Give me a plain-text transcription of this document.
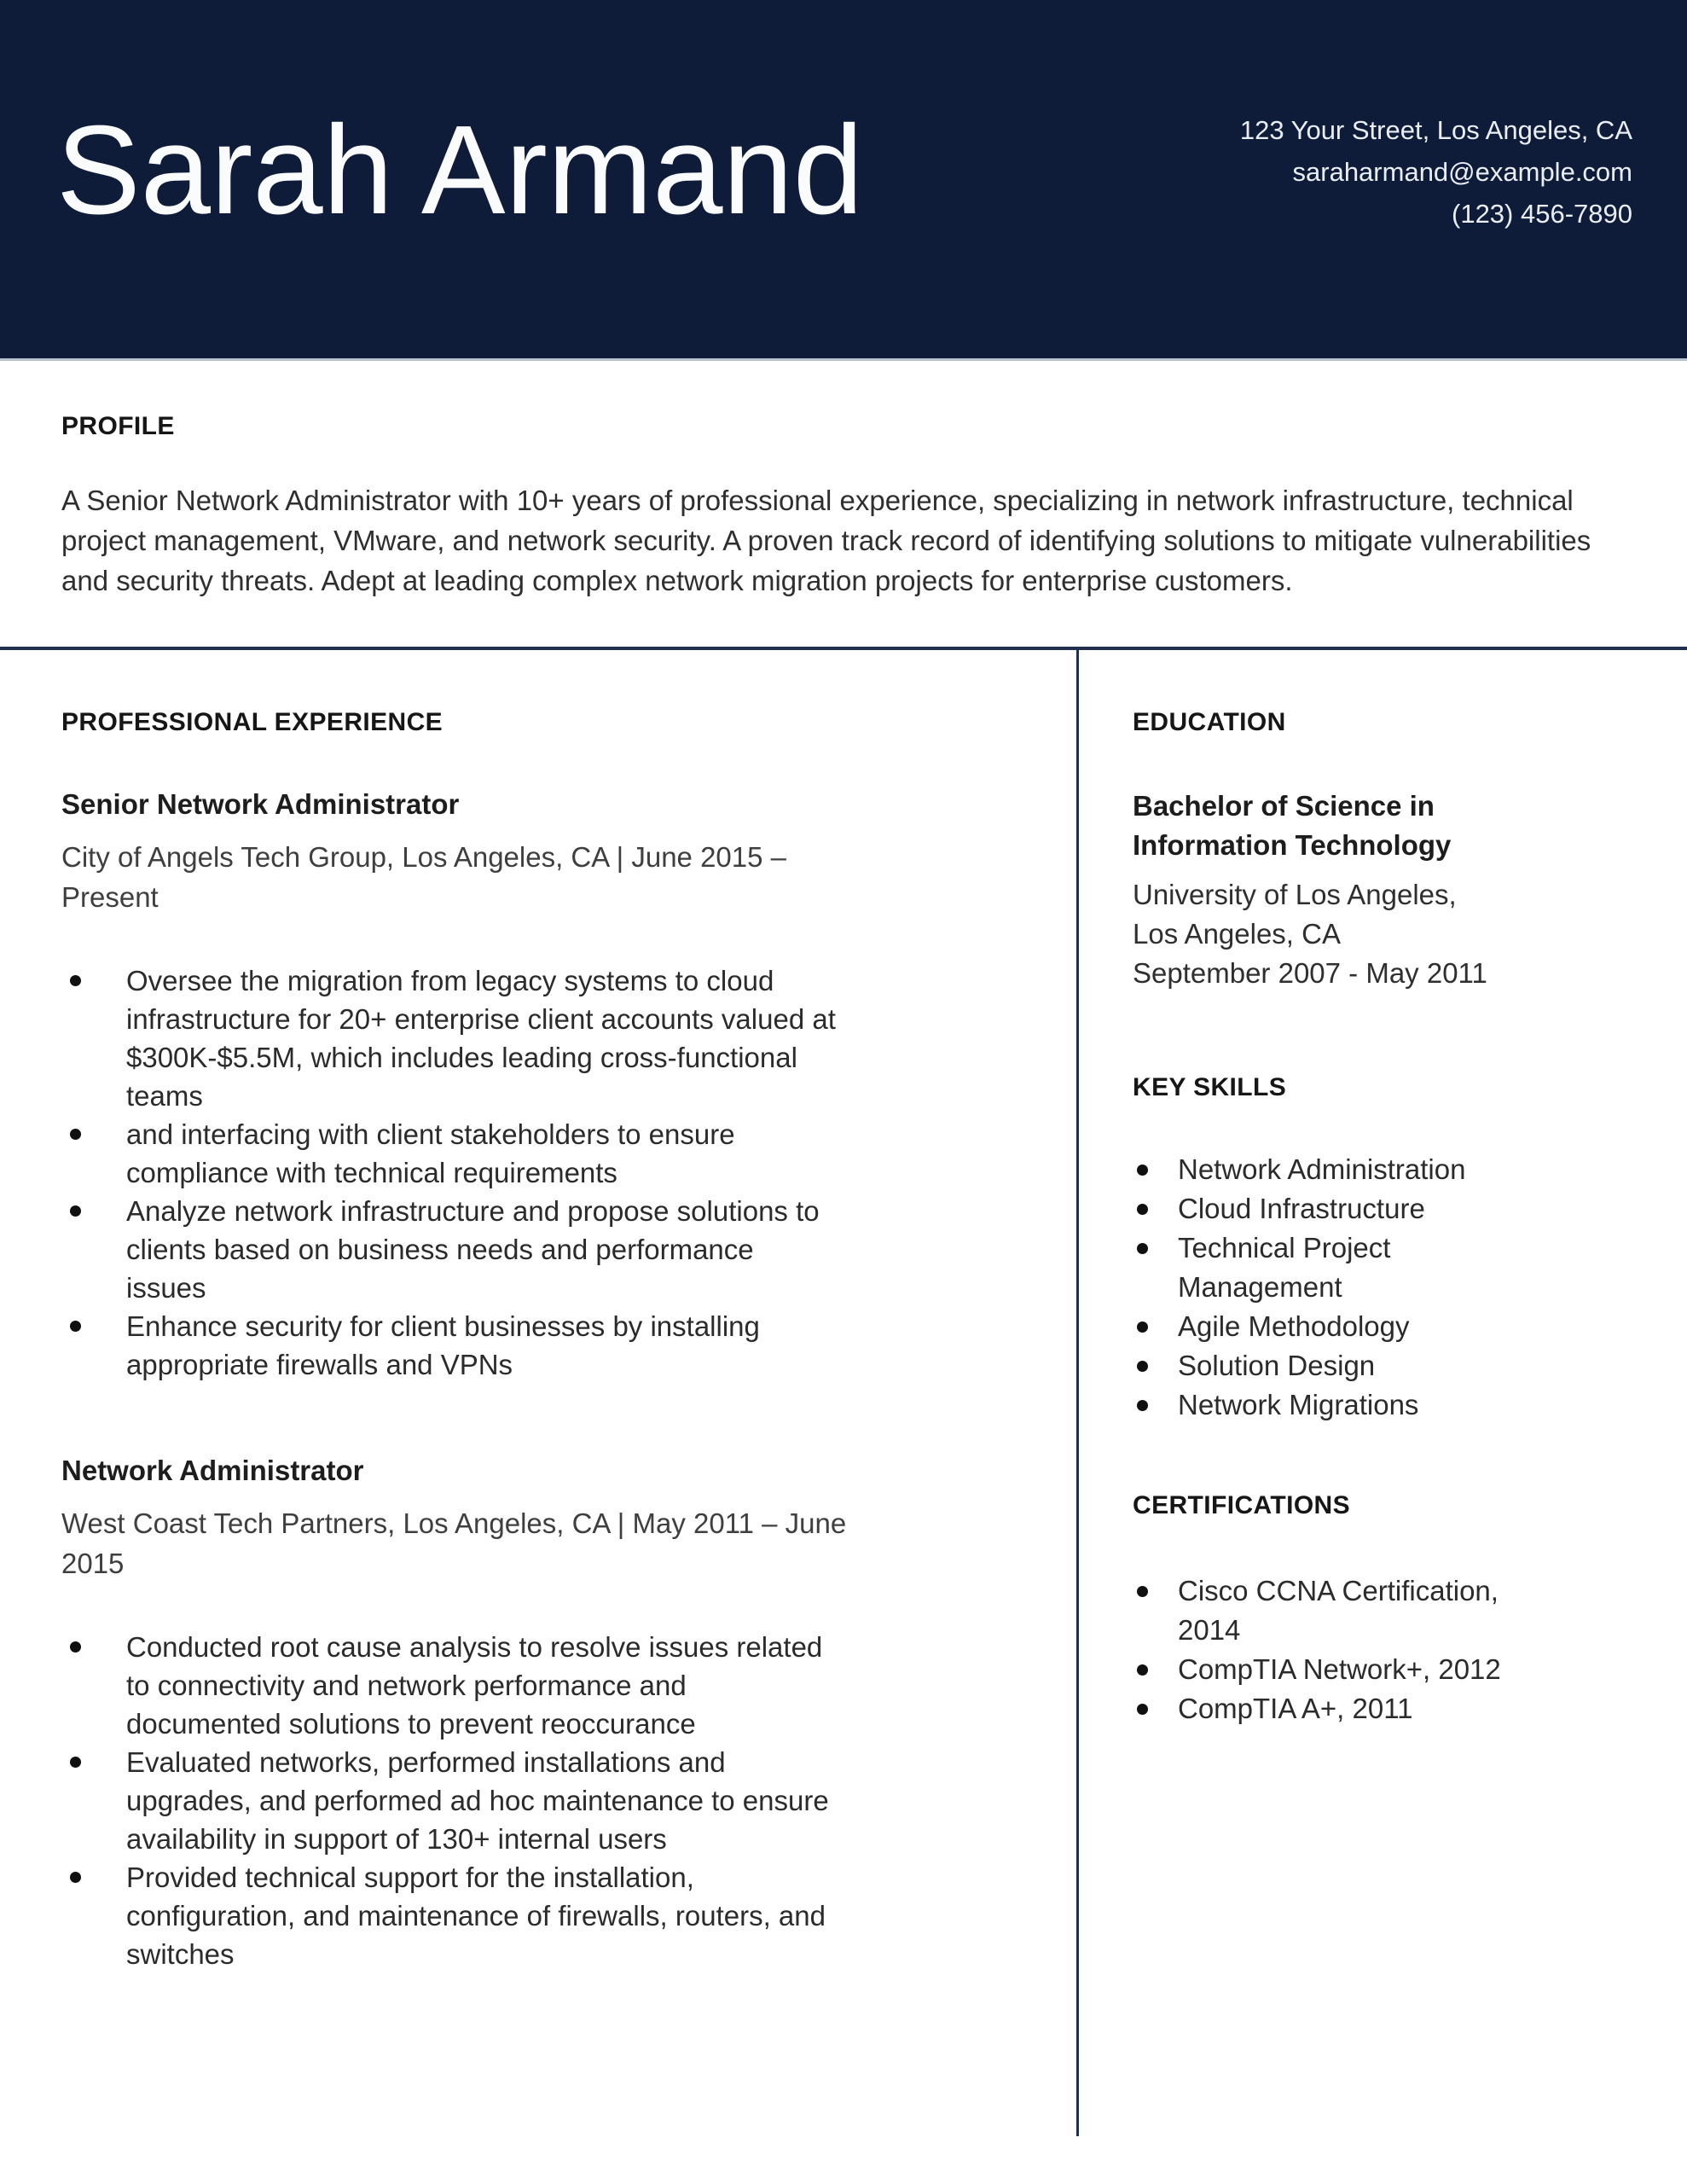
Sarah Armand	123 Your Street, Los Angeles, CA
saraharmand@example.com
(123) 456-7890
PROFILE

A Senior Network Administrator with 10+ years of professional experience, specializing in network infrastructure, technical project management, VMware, and network security. A proven track record of identifying solutions to mitigate vulnerabilities and security threats. Adept at leading complex network migration projects for enterprise customers.

PROFESSIONAL EXPERIENCE
Senior Network Administrator
City of Angels Tech Group, Los Angeles, CA | June 2015 – Present
Oversee the migration from legacy systems to cloud infrastructure for 20+ enterprise client accounts valued at $300K-$5.5M, which includes leading cross-functional teams
and interfacing with client stakeholders to ensure compliance with technical requirements
Analyze network infrastructure and propose solutions to clients based on business needs and performance issues
Enhance security for client businesses by installing appropriate firewalls and VPNs
Network Administrator
West Coast Tech Partners, Los Angeles, CA | May 2011 – June 2015
Conducted root cause analysis to resolve issues related to connectivity and network performance and documented solutions to prevent reoccurance
Evaluated networks, performed installations and upgrades, and performed ad hoc maintenance to ensure availability in support of 130+ internal users
Provided technical support for the installation, configuration, and maintenance of firewalls, routers, and switches
EDUCATION
Bachelor of Science in Information Technology
University of Los Angeles,
Los Angeles, CA
September 2007 - May 2011
KEY SKILLS
Network Administration
Cloud Infrastructure
Technical Project Management
Agile Methodology
Solution Design
Network Migrations
CERTIFICATIONS
Cisco CCNA Certification, 2014
CompTIA Network+, 2012
CompTIA A+, 2011
